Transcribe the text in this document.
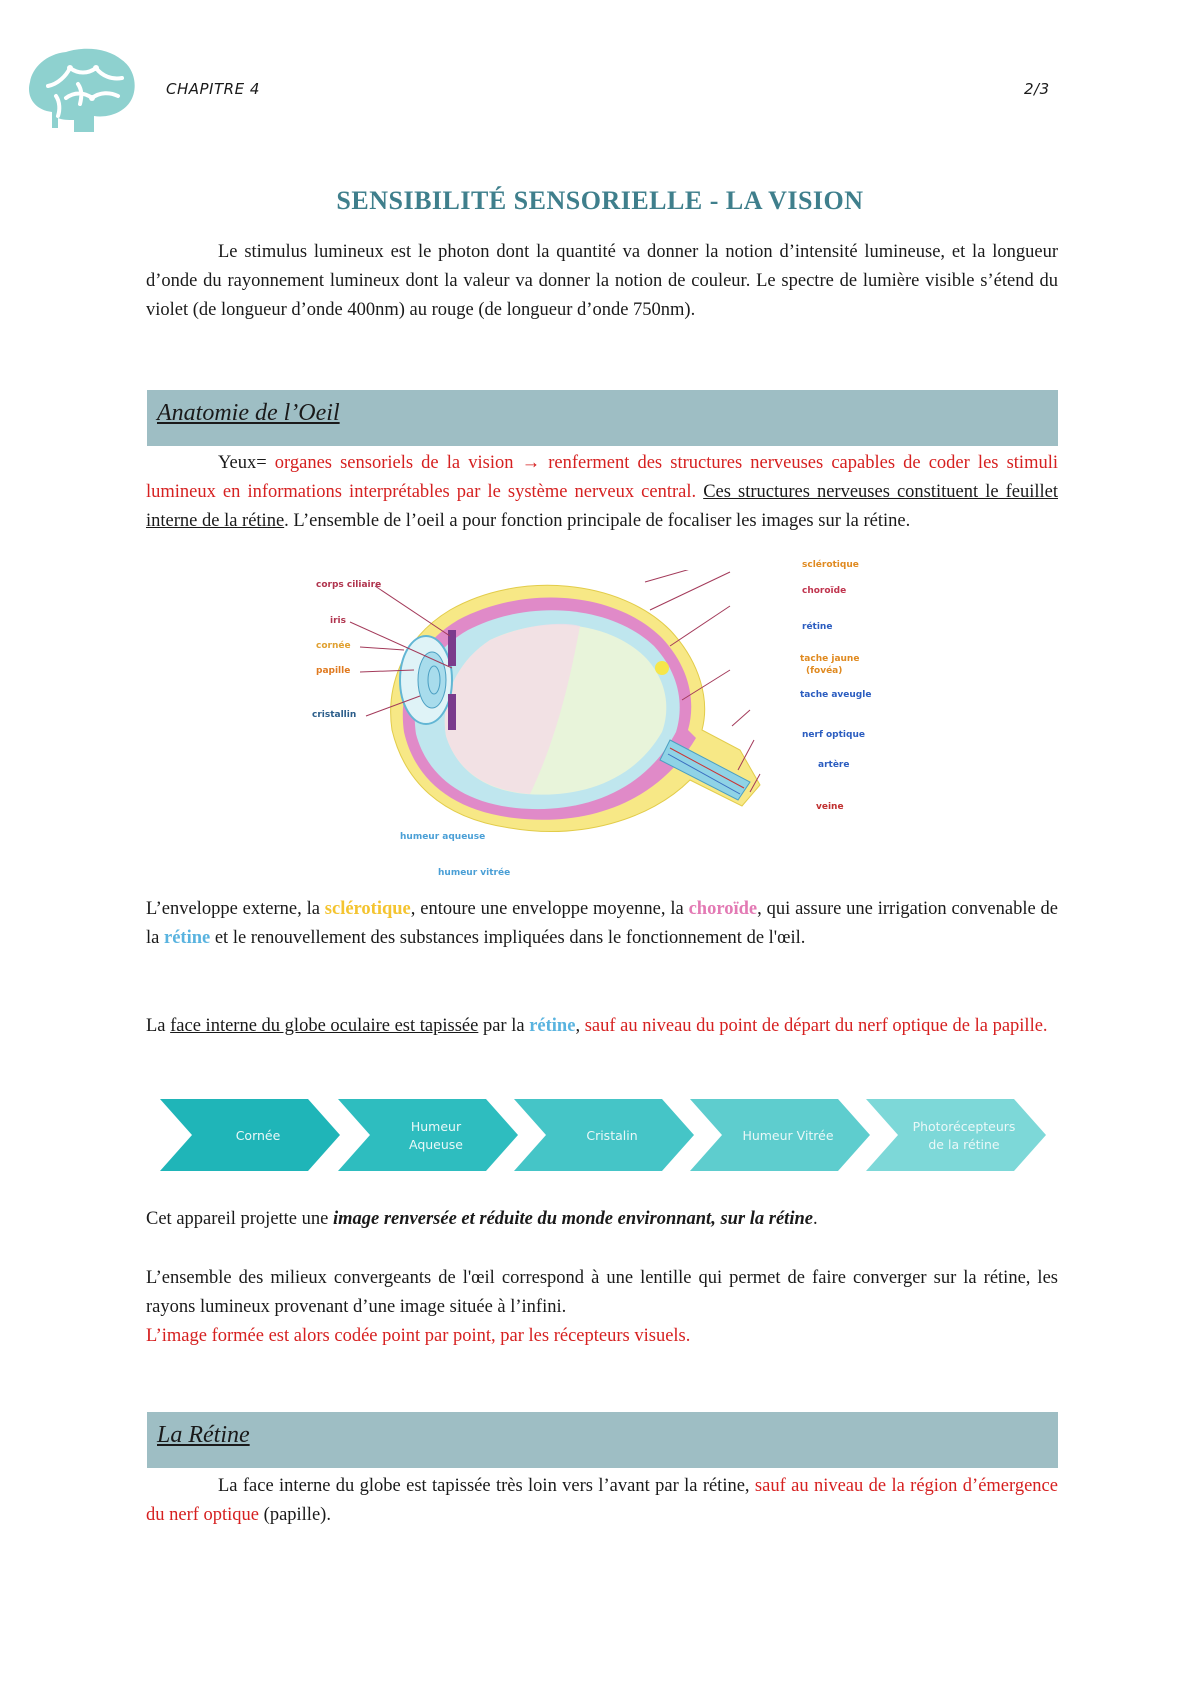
CHAPITRE 4	2/3
SENSIBILITÉ SENSORIELLE - LA VISION
Le stimulus lumineux est le photon dont la quantité va donner la notion d’intensité lumineuse, et la longueur d’onde du rayonnement lumineux dont la valeur va donner la notion de couleur. Le spectre de lumière visible s’étend du violet (de longueur d’onde 400nm) au rouge (de longueur d’onde 750nm).
Anatomie de l’Oeil
Yeux= organes sensoriels de la vision → renferment des structures nerveuses capables de coder les stimuli lumineux en informations interprétables par le système nerveux central. Ces structures nerveuses constituent le feuillet interne de la rétine. L’ensemble de l’oeil a pour fonction principale de focaliser les images sur la rétine.
corps ciliaire
iris
cornée
papille
cristallin
humeur aqueuse
humeur vitrée
sclérotique
choroïde
rétine
tache jaune
(fovéa)
tache aveugle
nerf optique
artère
veine
L’enveloppe externe, la sclérotique, entoure une enveloppe moyenne, la choroïde, qui assure une irrigation convenable de la rétine et le renouvellement des substances impliquées dans le fonctionnement de l'œil.
La face interne du globe oculaire est tapissée par la rétine, sauf au niveau du point de départ du nerf optique de la papille.
Cornée
Humeur
Aqueuse
Cristalin	Humeur Vitrée
Photorécepteurs
de la rétine
Cet appareil projette une image renversée et réduite du monde environnant, sur la rétine.
L’ensemble des milieux convergeants de l'œil correspond à une lentille qui permet de faire converger sur la rétine, les rayons lumineux provenant d’une image située à l’infini.
L’image formée est alors codée point par point, par les récepteurs visuels.
La Rétine
La face interne du globe est tapissée très loin vers l’avant par la rétine, sauf au niveau de la région d’émergence du nerf optique (papille).
